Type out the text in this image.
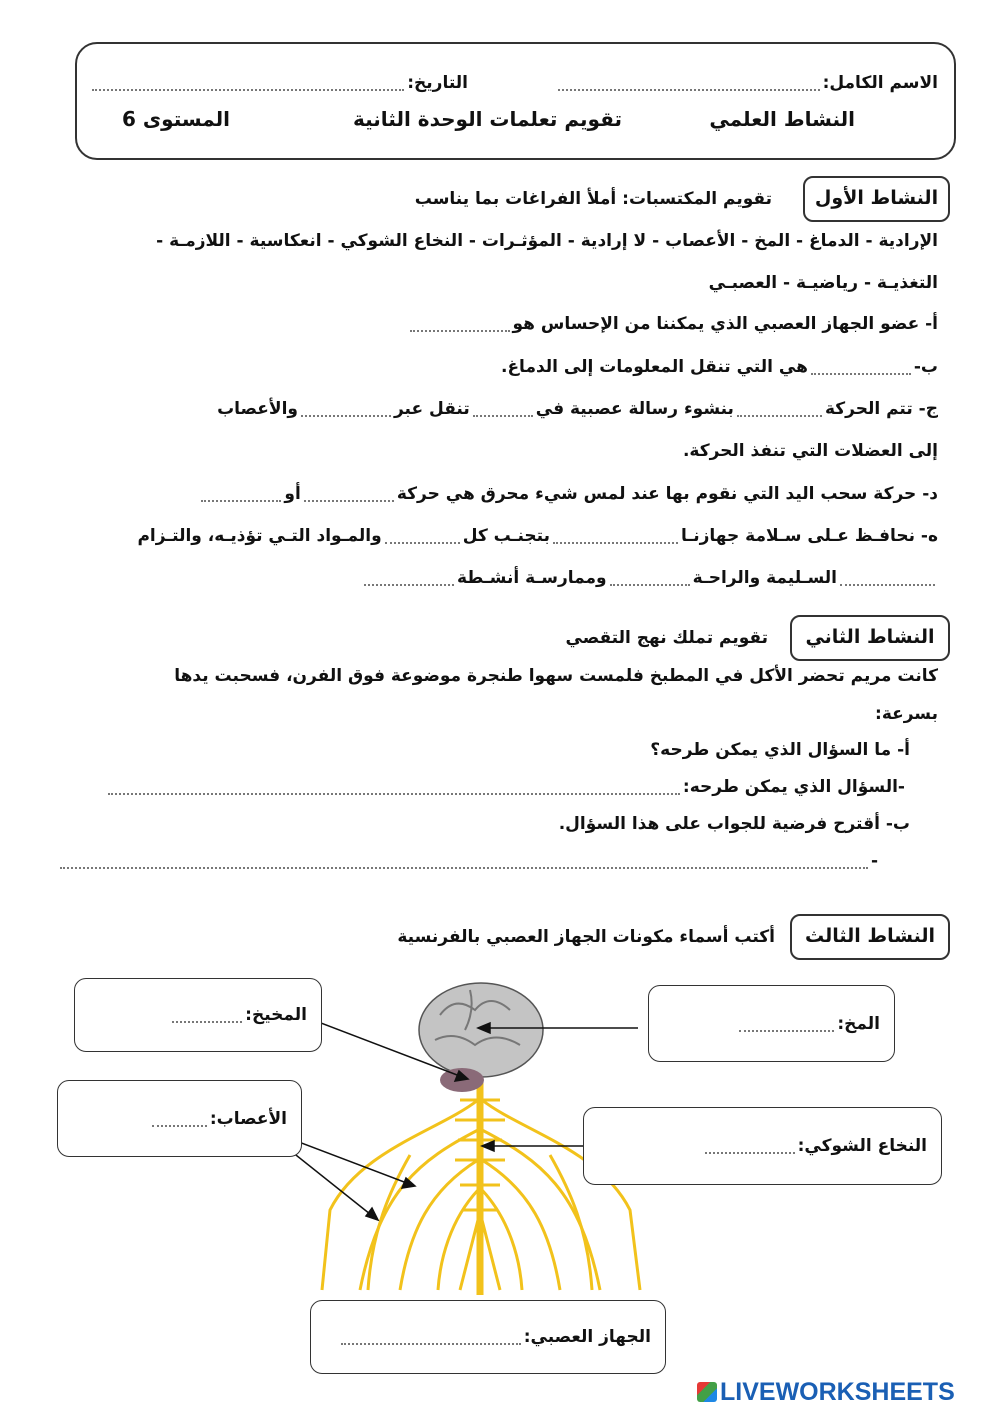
الاسم الكامل:
التاريخ:
النشاط العلمي
تقويم تعلمات الوحدة الثانية
المستوى 6
النشاط الأول
تقويم المكتسبات: أملأ الفراغات بما يناسب
الإرادية - الدماغ - المخ - الأعصاب - لا إرادية - المؤثـرات - النخاع الشوكي - انعكاسية - اللازمـة -
التغذيـة - رياضيـة - العصبـي
أ- عضو الجهاز العصبي الذي يمكننا من الإحساس هو
ب-هي التي تنقل المعلومات إلى الدماغ.
ج- تتم الحركةبنشوء رسالة عصبية فيتنقل عبروالأعصاب
إلى العضلات التي تنفذ الحركة.
د- حركة سحب اليد التي نقوم بها عند لمس شيء محرق هي حركةأو
ه- نحافـظ عـلى سـلامة جهازنـابتجنـب كلوالمـواد التـي تؤذيـه، والتـزام
السـليمة والراحـةوممارسـة أنشـطة
النشاط الثاني
تقويم تملك نهج التقصي
كانت مريم تحضر الأكل في المطبخ فلمست سهوا طنجرة موضوعة فوق الفرن، فسحبت يدها
بسرعة:
أ- ما السؤال الذي يمكن طرحه؟
-السؤال الذي يمكن طرحه:
ب- أقترح فرضية للجواب على هذا السؤال.
-
النشاط الثالث
أكتب أسماء مكونات الجهاز العصبي بالفرنسية
المخيخ:	المخ:
الأعصاب:
النخاع الشوكي:
الجهاز العصبي:
LIVEWORKSHEETS
